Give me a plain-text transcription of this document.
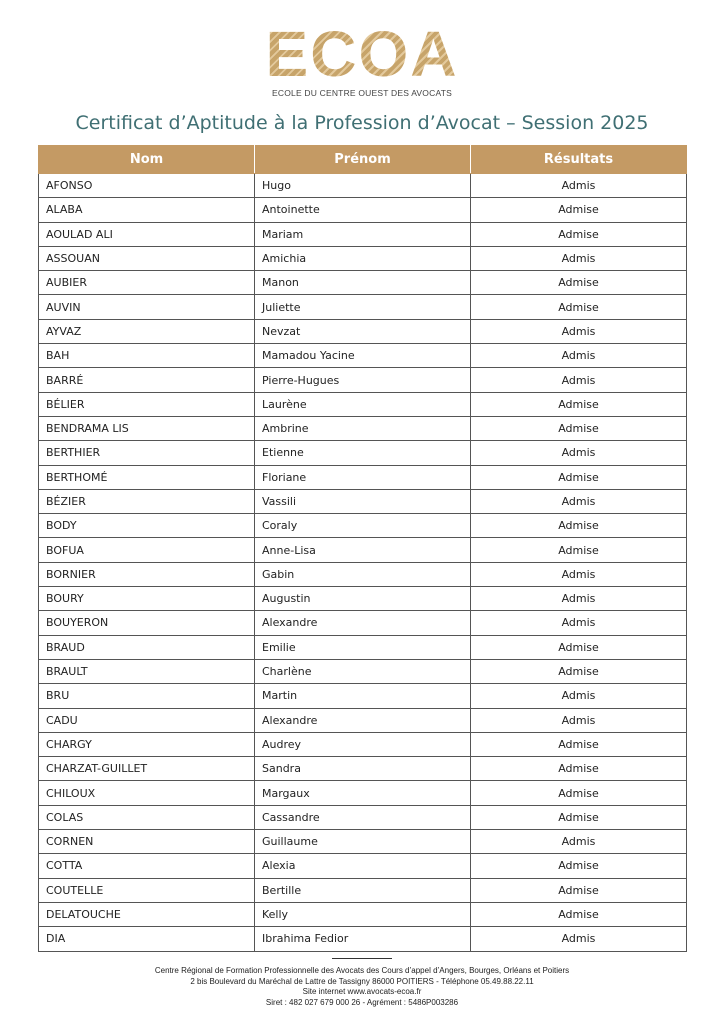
ECOA
ECOLE DU CENTRE OUEST DES AVOCATS
Certificat d’Aptitude à la Profession d’Avocat – Session 2025
Nom	Prénom	Résultats
AFONSO	Hugo	Admis
ALABA	Antoinette	Admise
AOULAD ALI	Mariam	Admise
ASSOUAN	Amichia	Admis
AUBIER	Manon	Admise
AUVIN	Juliette	Admise
AYVAZ	Nevzat	Admis
BAH	Mamadou Yacine	Admis
BARRÉ	Pierre-Hugues	Admis
BÉLIER	Laurène	Admise
BENDRAMA LIS	Ambrine	Admise
BERTHIER	Etienne	Admis
BERTHOMÉ	Floriane	Admise
BÉZIER	Vassili	Admis
BODY	Coraly	Admise
BOFUA	Anne-Lisa	Admise
BORNIER	Gabin	Admis
BOURY	Augustin	Admis
BOUYERON	Alexandre	Admis
BRAUD	Emilie	Admise
BRAULT	Charlène	Admise
BRU	Martin	Admis
CADU	Alexandre	Admis
CHARGY	Audrey	Admise
CHARZAT-GUILLET	Sandra	Admise
CHILOUX	Margaux	Admise
COLAS	Cassandre	Admise
CORNEN	Guillaume	Admis
COTTA	Alexia	Admise
COUTELLE	Bertille	Admise
DELATOUCHE	Kelly	Admise
DIA	Ibrahima Fedior	Admis
Centre Régional de Formation Professionnelle des Avocats des Cours d’appel d’Angers, Bourges, Orléans et Poitiers
2 bis Boulevard du Maréchal de Lattre de Tassigny 86000 POITIERS - Téléphone 05.49.88.22.11
Site internet www.avocats-ecoa.fr
Siret : 482 027 679 000 26 - Agrément : 5486P003286
